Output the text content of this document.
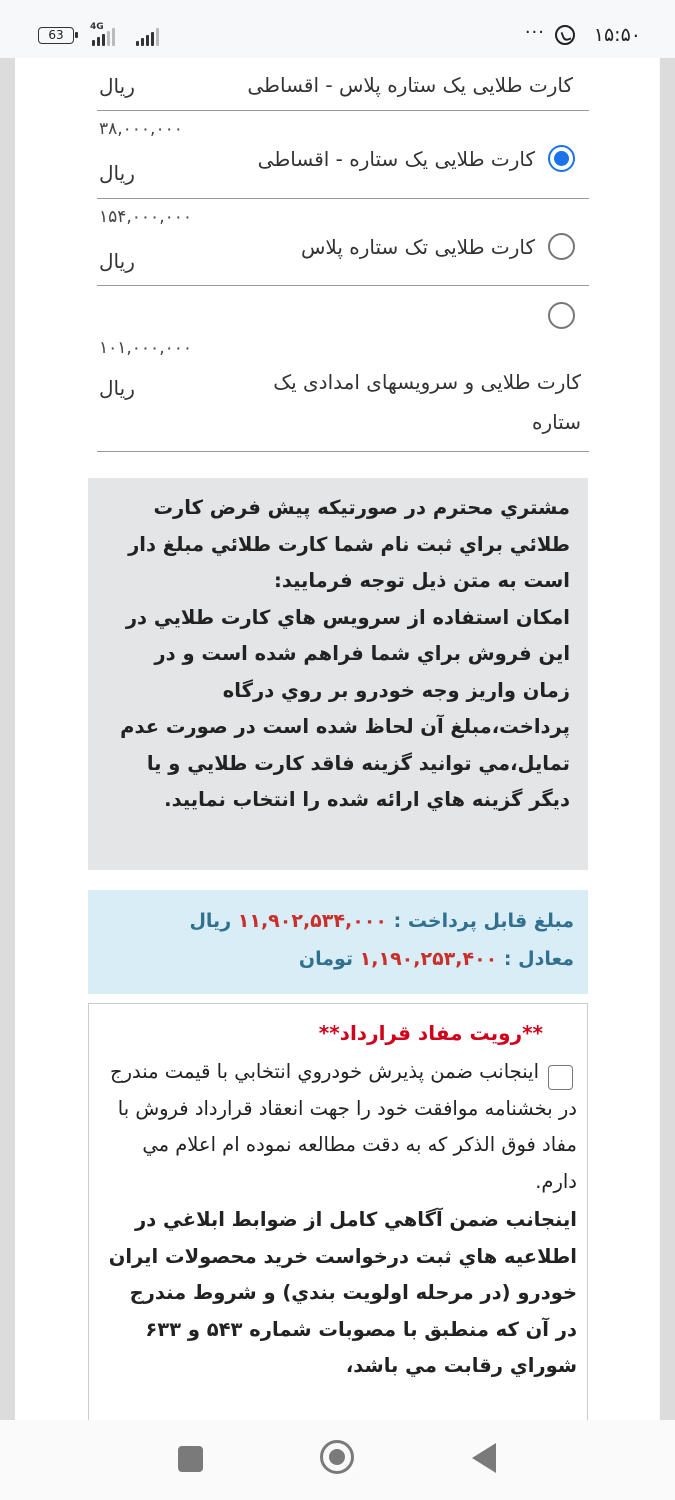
63
4G	···	۱۵:۵۰
کارت طلایی یک ستاره پلاس - اقساطی
ریال
کارت طلایی یک ستاره - اقساطی
۳۸,۰۰۰,۰۰۰
ریال
کارت طلایی تک ستاره پلاس
۱۵۴,۰۰۰,۰۰۰
ریال
کارت طلایی و سرویسهای امدادی یک
ستاره
۱۰۱,۰۰۰,۰۰۰
ریال
مشتري محترم در صورتيکه پيش فرض کارت طلائي براي ثبت نام شما کارت طلائي مبلغ دار است به متن ذيل توجه فرماييد:
امكان استفاده از سرويس هاي كارت طلايي در اين فروش براي شما فراهم شده است و در زمان واريز وجه خودرو بر روي درگاه پرداخت،مبلغ آن لحاظ شده است در صورت عدم تمايل،مي توانيد گزينه فاقد كارت طلايي و يا ديگر گزينه هاي ارائه شده را انتخاب نماييد.
مبلغ قابل پرداخت : ۱۱,۹۰۲,۵۳۴,۰۰۰ ریال      معادل : ۱,۱۹۰,۲۵۳,۴۰۰ تومان
**رويت مفاد قرارداد**
اينجانب ضمن پذيرش خودروي انتخابي با قيمت مندرج در بخشنامه موافقت خود را جهت انعقاد قرارداد فروش با مفاد فوق الذکر که به دقت مطالعه نموده ام اعلام مي دارم.
اينجانب ضمن آگاهي کامل از ضوابط ابلاغي در اطلاعيه هاي ثبت درخواست خريد محصولات ايران خودرو (در مرحله اولويت بندي) و شروط مندرج در آن که منطبق با مصوبات شماره ۵۴۳ و ۶۳۳ شوراي رقابت مي باشد،
